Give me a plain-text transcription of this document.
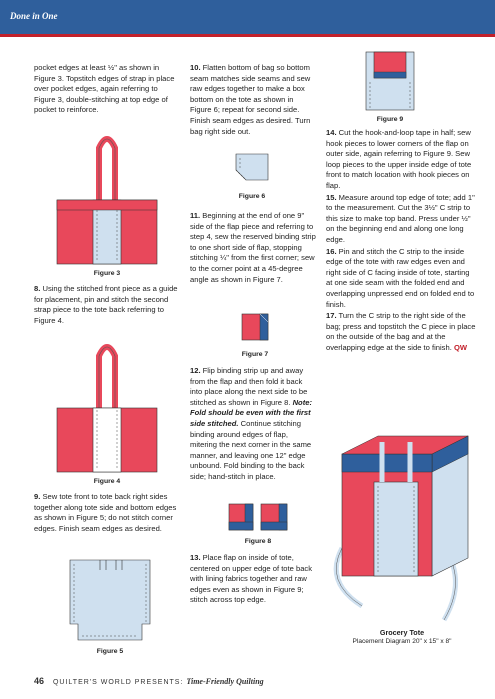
Done in One

pocket edges at least ½" as shown in Figure 3. Topstitch edges of strap in place over pocket edges, again referring to Figure 3, double-stitching at top edge of pocket to reinforce.

Figure 3

8. Using the stitched front piece as a guide for placement, pin and stitch the second strap piece to the tote back referring to Figure 4.

Figure 4

9. Sew tote front to tote back right sides together along tote side and bottom edges as shown in Figure 5; do not stitch corner edges. Finish seam edges as desired.

Figure 5

10. Flatten bottom of bag so bottom seam matches side seams and sew raw edges together to make a box bottom on the tote as shown in Figure 6; repeat for second side. Finish seam edges as desired. Turn bag right side out.

Figure 6

11. Beginning at the end of one 9" side of the flap piece and referring to step 4, sew the reserved binding strip to one short side of flap, stopping stitching ¼" from the first corner; sew to the corner point at a 45-degree angle as shown in Figure 7.

Figure 7

12. Flip binding strip up and away from the flap and then fold it back into place along the next side to be stitched as shown in Figure 8. Note: Fold should be even with the first side stitched. Continue stitching binding around edges of flap, mitering the next corner in the same manner, and leaving one 12" edge unbound. Fold binding to the back side; hand-stitch in place.

Figure 8

13. Place flap on inside of tote, centered on upper edge of tote back with lining fabrics together and raw edges even as shown in Figure 9; stitch across top edge.

Figure 9

14. Cut the hook-and-loop tape in half; sew hook pieces to lower corners of the flap on outer side, again referring to Figure 9. Sew loop pieces to the upper inside edge of tote front to match location with hook pieces on flap.

15. Measure around top edge of tote; add 1" to the measurement. Cut the 3½" C strip to this size to make top band. Press under ½" on the beginning end and along one long edge.

16. Pin and stitch the C strip to the inside edge of the tote with raw edges even and right side of C facing inside of tote, starting at one side seam with the folded end and overlapping unpressed end on folded end to finish.

17. Turn the C strip to the right side of the bag; press and topstitch the C piece in place on the outside of the bag and at the overlapping edge at the side to finish. QW

Grocery Tote
Placement Diagram 20" x 15" x 8"
46 QUILTER'S WORLD PRESENTS: Time-Friendly Quilting
